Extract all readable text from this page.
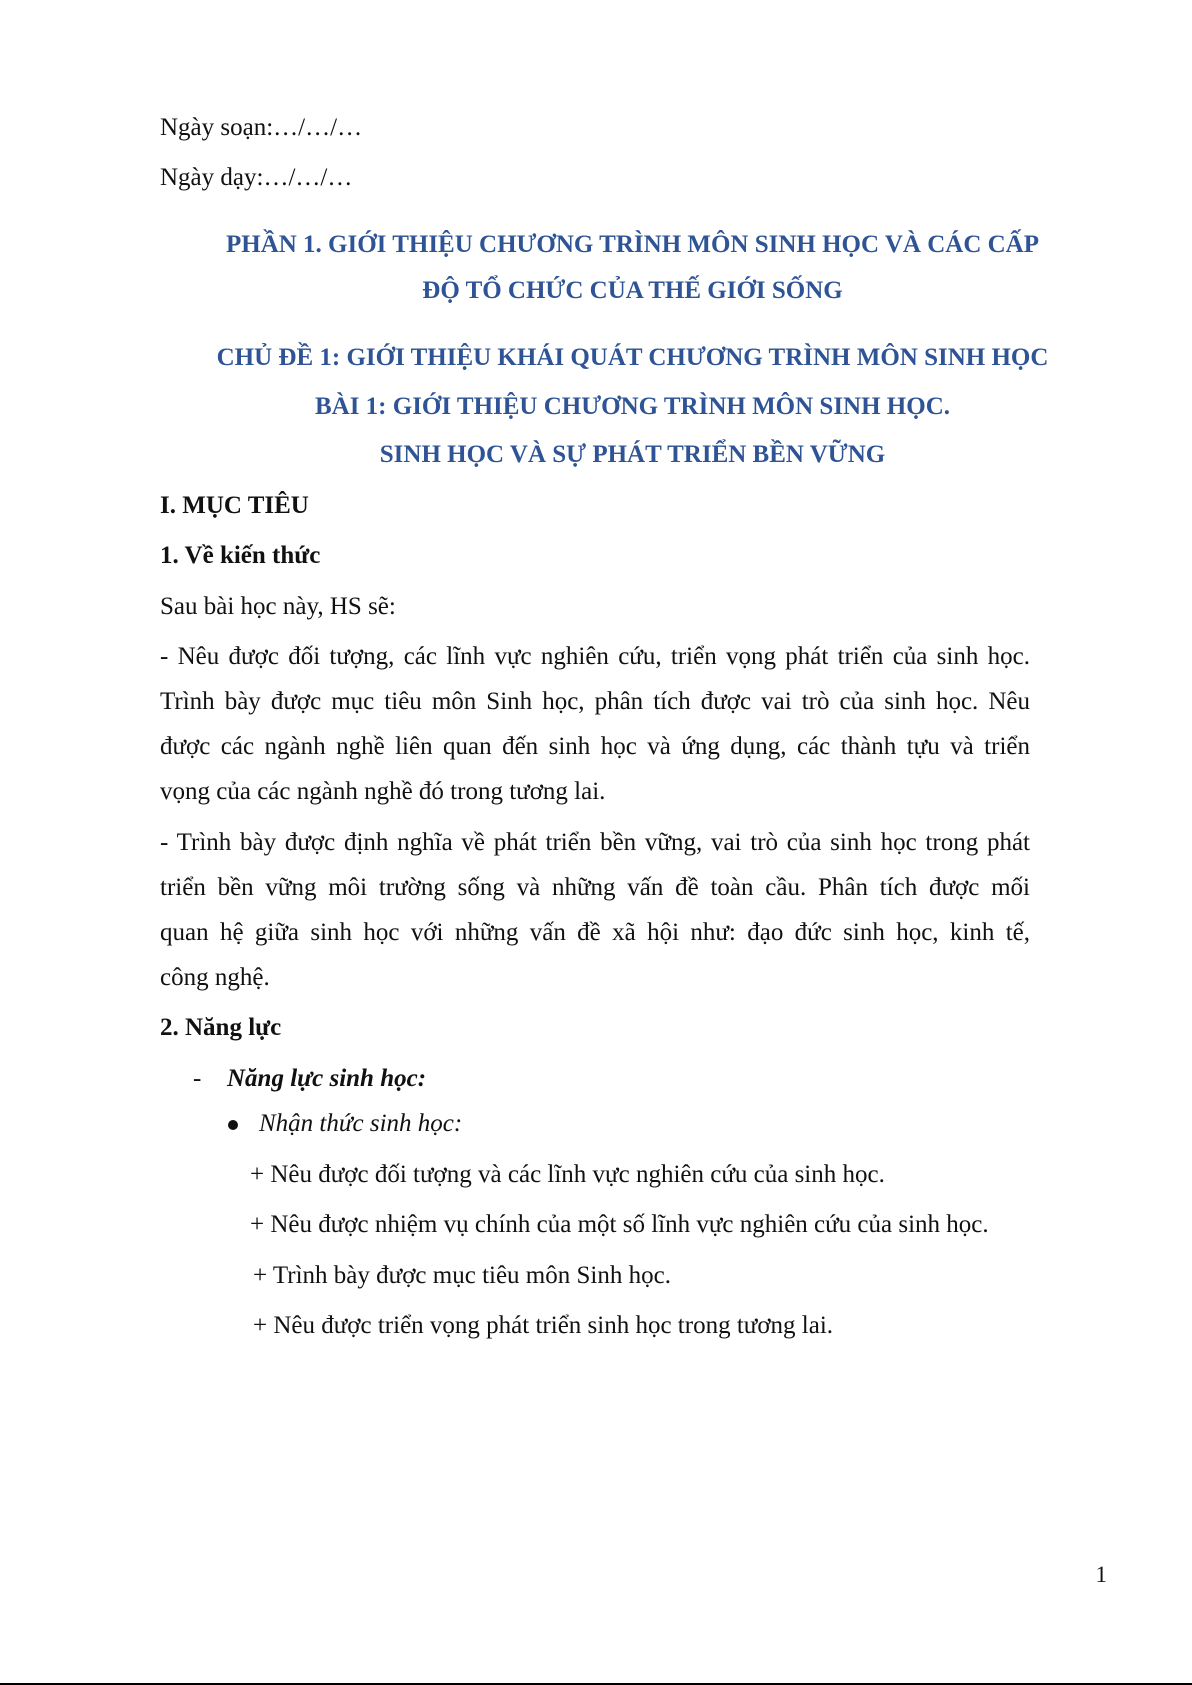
Ngày soạn:…/…/…
Ngày dạy:…/…/…
PHẦN 1. GIỚI THIỆU CHƯƠNG TRÌNH MÔN SINH HỌC VÀ CÁC CẤP
ĐỘ TỔ CHỨC CỦA THẾ GIỚI SỐNG
CHỦ ĐỀ 1: GIỚI THIỆU KHÁI QUÁT CHƯƠNG TRÌNH MÔN SINH HỌC
BÀI 1: GIỚI THIỆU CHƯƠNG TRÌNH MÔN SINH HỌC.
SINH HỌC VÀ SỰ PHÁT TRIỂN BỀN VỮNG
I. MỤC TIÊU
1. Về kiến thức
Sau bài học này, HS sẽ:
- Nêu được đối tượng, các lĩnh vực nghiên cứu, triển vọng phát triển của sinh học.
Trình bày được mục tiêu môn Sinh học, phân tích được vai trò của sinh học. Nêu
được các ngành nghề liên quan đến sinh học và ứng dụng, các thành tựu và triển
vọng của các ngành nghề đó trong tương lai.
- Trình bày được định nghĩa về phát triển bền vững, vai trò của sinh học trong phát
triển bền vững môi trường sống và những vấn đề toàn cầu. Phân tích được mối
quan hệ giữa sinh học với những vấn đề xã hội như: đạo đức sinh học, kinh tế,
công nghệ.
2. Năng lực
- Năng lực sinh học:
Nhận thức sinh học:
+ Nêu được đối tượng và các lĩnh vực nghiên cứu của sinh học.
+ Nêu được nhiệm vụ chính của một số lĩnh vực nghiên cứu của sinh học.
+ Trình bày được mục tiêu môn Sinh học.
+ Nêu được triển vọng phát triển sinh học trong tương lai.
1
